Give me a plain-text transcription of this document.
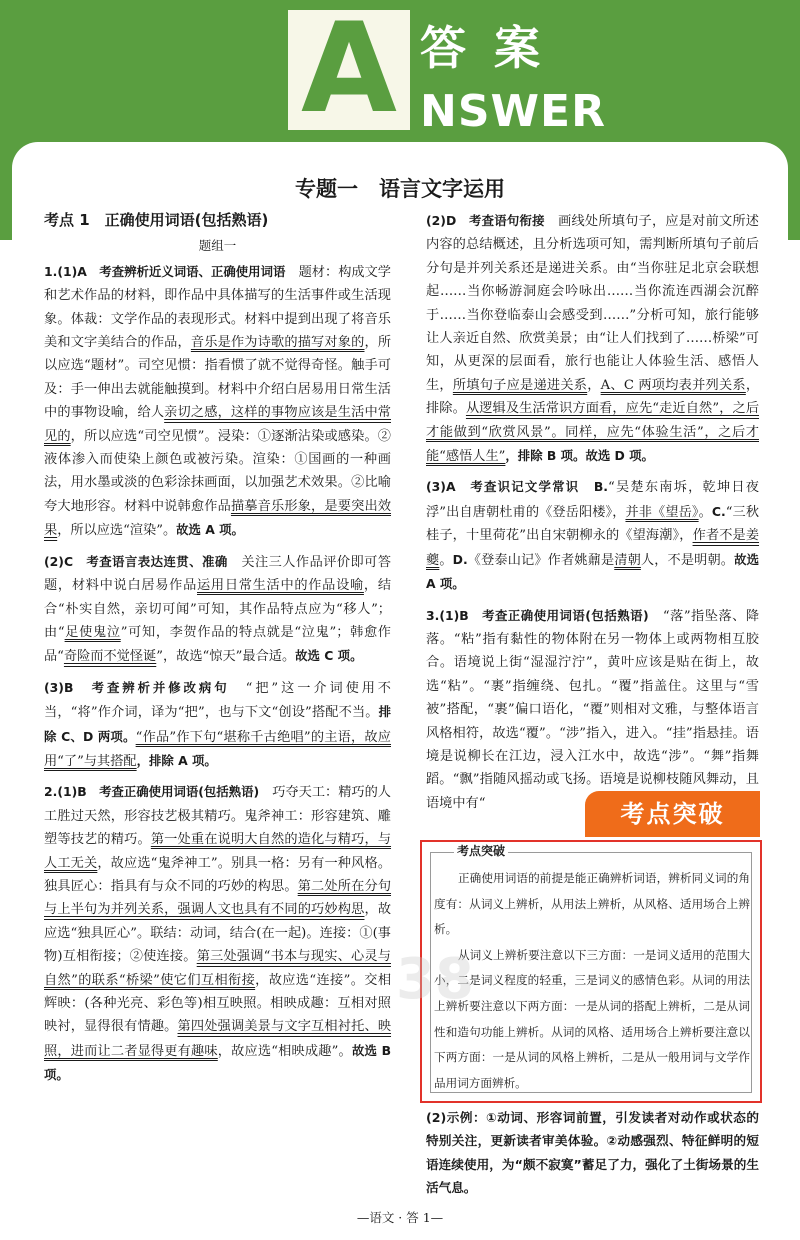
A 答案
NSWER
专题一　语言文字运用

考点 1　正确使用词语(包括熟语)

题组一

1.(1)A　考查辨析近义词语、正确使用词语　题材：构成文学和艺术作品的材料，即作品中具体描写的生活事件或生活现象。体裁：文学作品的表现形式。材料中提到出现了将音乐美和文字美结合的作品，音乐是作为诗歌的描写对象的，所以应选“题材”。司空见惯：指看惯了就不觉得奇怪。触手可及：手一伸出去就能触摸到。材料中介绍白居易用日常生活中的事物设喻，给人亲切之感，这样的事物应该是生活中常见的，所以应选“司空见惯”。浸染：①逐渐沾染或感染。②液体渗入而使染上颜色或被污染。渲染：①国画的一种画法，用水墨或淡的色彩涂抹画面，以加强艺术效果。②比喻夸大地形容。材料中说韩愈作品描摹音乐形象，是要突出效果，所以应选“渲染”。故选 A 项。

(2)C　考查语言表达连贯、准确　关注三人作品评价即可答题，材料中说白居易作品运用日常生活中的作品设喻，结合“朴实自然，亲切可闻”可知，其作品特点应为“移人”；由“足使鬼泣”可知，李贺作品的特点就是“泣鬼”；韩愈作品“奇险而不觉怪诞”，故选“惊天”最合适。故选 C 项。

(3)B　考查辨析并修改病句　“把”这一介词使用不当，“将”作介词，译为“把”，也与下文“创设”搭配不当。排除 C、D 两项。“作品”作下句“堪称千古绝唱”的主语，故应用“了”与其搭配，排除 A 项。

2.(1)B　考查正确使用词语(包括熟语)　巧夺天工：精巧的人工胜过天然，形容技艺极其精巧。鬼斧神工：形容建筑、雕塑等技艺的精巧。第一处重在说明大自然的造化与精巧，与人工无关，故应选“鬼斧神工”。别具一格：另有一种风格。独具匠心：指具有与众不同的巧妙的构思。第二处所在分句与上半句为并列关系，强调人文也具有不同的巧妙构思，故应选“独具匠心”。联结：动词，结合(在一起)。连接：①(事物)互相衔接；②使连接。第三处强调“书本与现实、心灵与自然”的联系“桥梁”使它们互相衔接，故应选“连接”。交相辉映：(各种光亮、彩色等)相互映照。相映成趣：互相对照映衬，显得很有情趣。第四处强调美景与文字互相衬托、映照，进而让二者显得更有趣味，故应选“相映成趣”。故选 B 项。

(2)D　考查语句衔接　画线处所填句子，应是对前文所述内容的总结概述，且分析选项可知，需判断所填句子前后分句是并列关系还是递进关系。由“当你驻足北京会联想起……当你畅游洞庭会吟咏出……当你流连西湖会沉醉于……当你登临泰山会感受到……”分析可知，旅行能够让人亲近自然、欣赏美景；由“让人们找到了……桥梁”可知，从更深的层面看，旅行也能让人体验生活、感悟人生，所填句子应是递进关系，A、C 两项均表并列关系，排除。从逻辑及生活常识方面看，应先“走近自然”，之后才能做到“欣赏风景”。同样，应先“体验生活”，之后才能“感悟人生”，排除 B 项。故选 D 项。

(3)A　考查识记文学常识　 B.“吴楚东南坼，乾坤日夜浮”出自唐朝杜甫的《登岳阳楼》，并非《望岳》。C.“三秋桂子，十里荷花”出自宋朝柳永的《望海潮》，作者不是姜夔。D.《登泰山记》作者姚鼐是清朝人，不是明朝。故选 A 项。

3.(1)B　考查正确使用词语(包括熟语)　“落”指坠落、降落。“粘”指有黏性的物体附在另一物体上或两物相互胶合。语境说上街“湿湿泞泞”，黄叶应该是贴在街上，故选“粘”。“裹”指缠绕、包扎。“覆”指盖住。这里与“雪被”搭配，“裹”偏口语化，“覆”则相对文雅，与整体语言风格相符，故选“覆”。“涉”指入，进入。“挂”指悬挂。语境是说柳长在江边，浸入江水中，故选“涉”。“舞”指舞蹈。“飘”指随风摇动或飞扬。语境是说柳枝随风舞动，且语境中有“	考点突破
考点突破

正确使用词语的前提是能正确辨析词语，辨析同义词的角度有：从词义上辨析，从用法上辨析，从风格、适用场合上辨析。

从词义上辨析要注意以下三方面：一是词义适用的范围大小，二是词义程度的轻重，三是词义的感情色彩。从词的用法上辨析要注意以下两方面：一是从词的搭配上辨析，二是从词性和造句功能上辨析。从词的风格、适用场合上辨析要注意以下两方面：一是从词的风格上辨析，二是从一般用词与文学作品用词方面辨析。

38
(2)示例：①动词、形容词前置，引发读者对动作或状态的特别关注，更新读者审美体验。②动感强烈、特征鲜明的短语连续使用，为“颇不寂寞”蓄足了力，强化了土街场景的生活气息。
—语文 · 答 1—
